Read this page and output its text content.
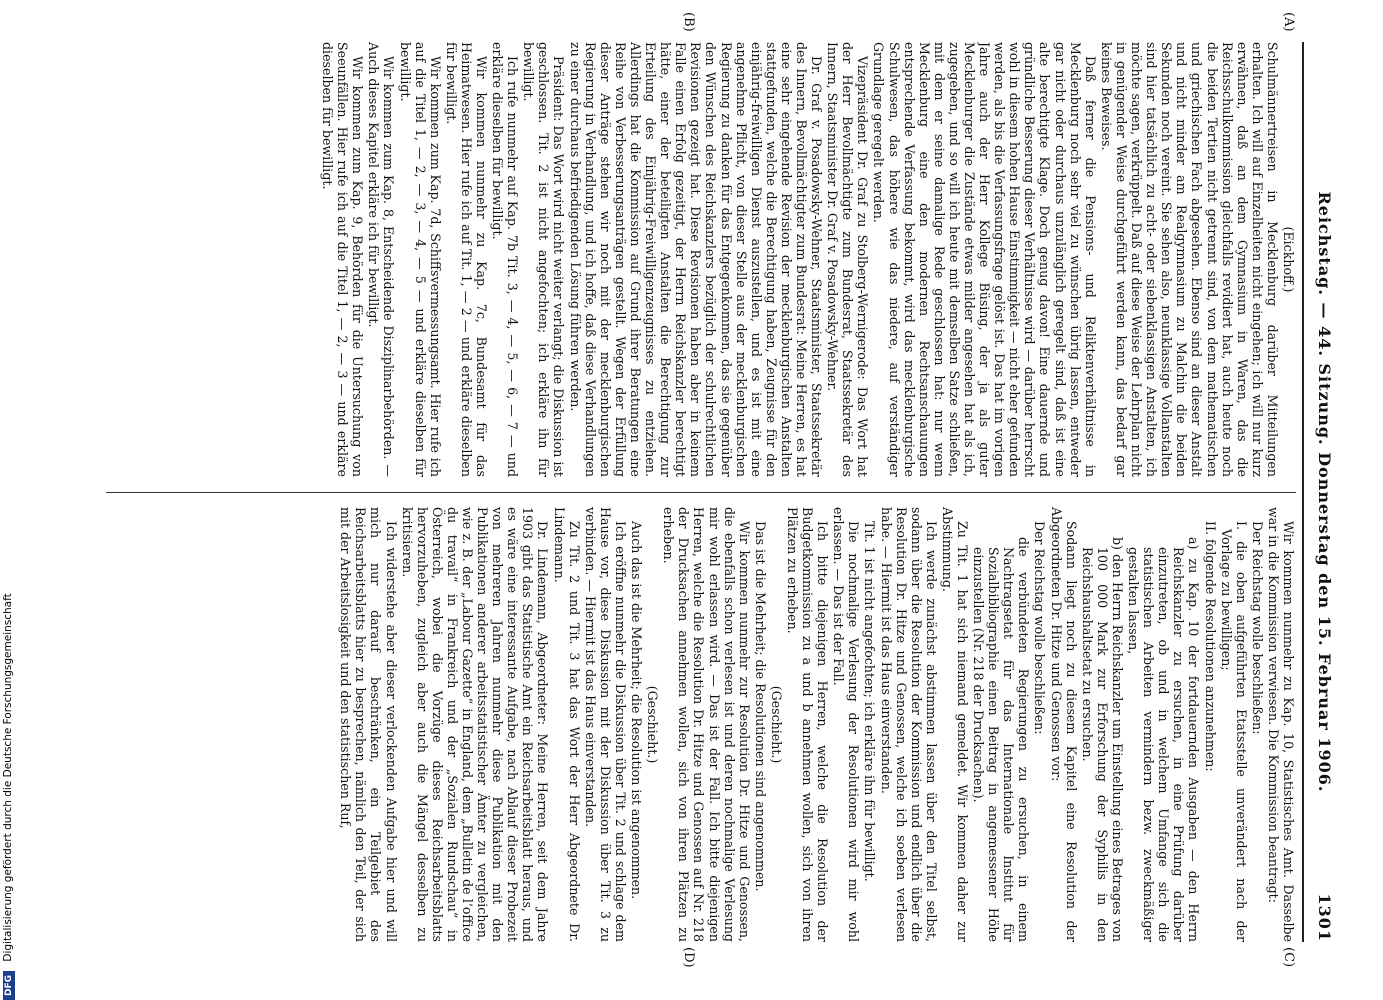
Reichstag. — 44. Sitzung. Donnerstag den 15. Februar 1906.
1301

(Eickhoff.)

Schulmännertreisen in Mecklenburg darüber Mitteilungen erhalten. Ich will auf Einzelheiten nicht eingehen; ich will nur kurz erwähnen, daß an dem Gymnasium in Waren, das die Reichsschulkommission gleichfalls revidiert hat, auch heute noch die beiden Tertien nicht getrennt sind, von dem mathematischen und griechischen Fach abgesehen. Ebenso sind an dieser Anstalt und nicht minder am Realgymnasium zu Malchin die beiden Sekunden noch vereint. Sie sehen also, neunklassige Vollanstalten sind hier tatsächlich zu acht- oder siebenklassigen Anstalten, ich möchte sagen, verkrüppelt. Daß auf diese Weise der Lehrplan nicht in genügender Weise durchgeführt werden kann, das bedarf gar keines Beweises.

Daß ferner die Pensions- und Reliktenverhältnisse in Mecklenburg noch sehr viel zu wünschen übrig lassen, entweder gar nicht oder durchaus unzulänglich geregelt sind, daß ist eine alte berechtigte Klage. Doch genug davon! Eine dauernde und gründliche Besserung dieser Verhältnisse wird — darüber herrscht wohl in diesem hohen Hause Einstimmigkeit — nicht eher gefunden werden, als bis die Verfassungsfrage gelöst ist. Das hat im vorigen Jahre auch der Herr Kollege Büsing, der ja als guter Mecklenburger die Zustände etwas milder angesehen hat als ich, zugegeben, und so will ich heute mit demselben Satze schließen, mit dem er seine damalige Rede geschlossen hat: nur wenn Mecklenburg eine den modernen Rechtsanschauungen entsprechende Verfassung bekommt, wird das mecklenburgische Schulwesen, das höhere wie das niedere, auf verständiger Grundlage geregelt werden.

Vizepräsident Dr. Graf zu Stolberg-Wernigerode: Das Wort hat der Herr Bevollmächtigte zum Bundesrat, Staatssekretär des Innern, Staatsminister Dr. Graf v. Posadowsky-Wehner.

Dr. Graf v. Posadowsky-Wehner, Staatsminister, Staatssekretär des Innern, Bevollmächtigter zum Bundesrat: Meine Herren, es hat eine sehr eingehende Revision der mecklenburgischen Anstalten stattgefunden, welche die Berechtigung haben, Zeugnisse für den einjährig-freiwilligen Dienst auszustellen, und es ist mit eine angenehme Pflicht, von dieser Stelle aus der mecklenburgischen Regierung zu danken für das Entgegenkommen, das sie gegenüber den Wünschen des Reichskanzlers bezüglich der schulrechtlichen Revisionen gezeigt hat. Diese Revisionen haben aber in keinem Falle einen Erfolg gezeitigt, der Herrn Reichskanzler berechtigt hätte, einer der beteiligten Anstalten die Berechtigung zur Erteilung des Einjährig-Freiwilligenzeugnisses zu entziehen. Allerdings hat die Kommission auf Grund ihrer Beratungen eine Reihe von Verbesserungsanträgen gestellt. Wegen der Erfüllung dieser Anträge stehen wir noch mit der mecklenburgischen Regierung in Verhandlung, und ich hoffe, daß diese Verhandlungen zu einer durchaus befriedigenden Lösung führen werden.

Präsident: Das Wort wird nicht weiter verlangt; die Diskussion ist geschlossen. Tit. 2 ist nicht angefochten; ich erkläre ihn für bewilligt.

Ich rufe nunmehr auf Kap. 7b Tit. 3, — 4, — 5, — 6, — 7 — und erkläre dieselben für bewilligt.

Wir kommen nunmehr zu Kap. 7c, Bundesamt für das Heimatwesen. Hier rufe ich auf Tit. 1, — 2 — und erkläre dieselben für bewilligt.

Wir kommen zum Kap. 7d, Schiffsvermessungsamt. Hier rufe ich auf die Titel 1, — 2, — 3, — 4, — 5 — und erkläre dieselben für bewilligt.

Wir kommen zum Kap. 8, Entscheidende Disziplinarbehörden. — Auch dieses Kapitel erkläre ich für bewilligt.

Wir kommen zum Kap. 9, Behörden für die Untersuchung von Seeunfällen. Hier rufe ich auf die Titel 1, — 2, — 3 — und erkläre dieselben für bewilligt.

Wir kommen nunmehr zu Kap. 10, Statistisches Amt. Dasselbe war in die Kommission verwiesen. Die Kommission beantragt:

Der Reichstag wolle beschließen:

I. die oben aufgeführten Etatsstelle unverändert nach der Vorlage zu bewilligen;

II. folgende Resolutionen anzunehmen:

a) zu Kap. 10 der fortdauernden Ausgaben — den Herrn Reichskanzler zu ersuchen, in eine Prüfung darüber einzutreten, ob und in welchem Umfange sich die statistischen Arbeiten vermindern bezw. zweckmäßiger gestalten lassen,

b) den Herrn Reichskanzler um Einstellung eines Betrages von 100 000 Mark zur Erforschung der Syphilis in den Reichshaushaltsetat zu ersuchen.

Sodann liegt noch zu diesem Kapitel eine Resolution der Abgeordneten Dr. Hitze und Genossen vor:

Der Reichstag wolle beschließen:

die verbündeten Regierungen zu ersuchen, in einem Nachtragsetat für das Internationale Institut für Sozialbibliographie einen Beitrag in angemessener Höhe einzustellen (Nr. 218 der Drucksachen).

Zu Tit. 1 hat sich niemand gemeldet. Wir kommen daher zur Abstimmung.

Ich werde zunächst abstimmen lassen über den Titel selbst, sodann über die Resolution der Kommission und endlich über die Resolution Dr. Hitze und Genossen, welche ich soeben verlesen habe. — Hiermit ist das Haus einverstanden.

Tit. 1 ist nicht angefochten; ich erkläre ihn für bewilligt.

Die nochmalige Verlesung der Resolutionen wird mir wohl erlassen. — Das ist der Fall.

Ich bitte diejenigen Herren, welche die Resolution der Budgetkommission zu a und b annehmen wollen, sich von ihren Plätzen zu erheben.

(Geschieht.)

Das ist die Mehrheit; die Resolutionen sind angenommen.

Wir kommen nunmehr zur Resolution Dr. Hitze und Genossen, die ebenfalls schon verlesen ist und deren nochmalige Verlesung mir wohl erlassen wird. — Das ist der Fall. Ich bitte diejenigen Herren, welche die Resolution Dr. Hitze und Genossen auf Nr. 218 der Drucksachen annehmen wollen, sich von ihren Plätzen zu erheben.

(Geschieht.)

Auch das ist die Mehrheit; die Resolution ist angenommen.

Ich eröffne nunmehr die Diskussion über Tit. 2 und schlage dem Hause vor, diese Diskussion mit der Diskussion über Tit. 3 zu verbinden. — Hiermit ist das Haus einverstanden.

Zu Tit. 2 und Tit. 3 hat das Wort der Herr Abgeordnete Dr. Lindemann.

Dr. Lindemann, Abgeordneter: Meine Herren, seit dem Jahre 1903 gibt das Statistische Amt ein Reichsarbeitsblatt heraus, und es wäre eine interessante Aufgabe, nach Ablauf dieser Probezeit von mehreren Jahren nunmehr diese Publikation mit den Publikationen anderer arbeitsstatistischer Ämter zu vergleichen, wie z. B. der „Labour Gazette“ in England, dem „Bulletin de l’office du travail“ in Frankreich und der „Sozialen Rundschau“ in Österreich, wobei die Vorzüge dieses Reichsarbeitsblatts hervorzuheben, zugleich aber auch die Mängel desselben zu kritisieren.

Ich widerstehe aber dieser verlockenden Aufgabe hier und will mich nur darauf beschränken, ein Teilgebiet des Reichsarbeitsblatts hier zu besprechen, nämlich den Teil, der sich mit der Arbeitslosigkeit und den statistischen Ruf,

(A)
(B)
(C)
(D)
DFG Digitalisierung gefördert durch die Deutsche Forschungsgemeinschaft
